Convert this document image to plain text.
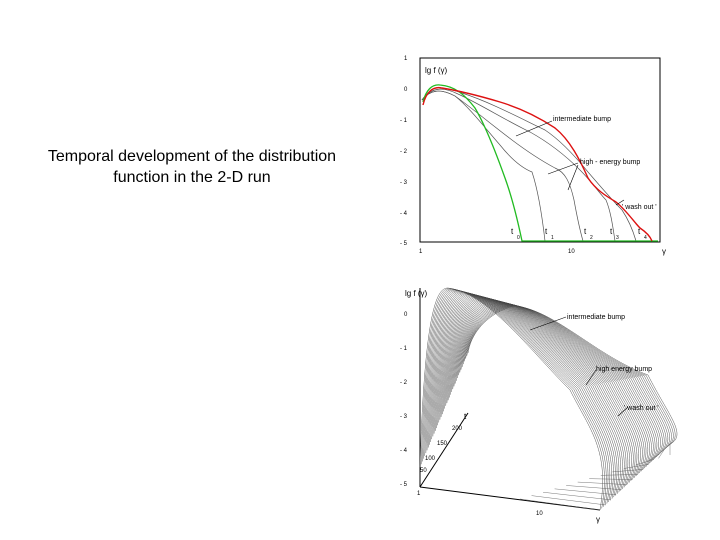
Temporal development of the distribution
function in the 2-D run
lg f (γ)
γ
1
0
- 1
- 2
- 3
- 4
- 5
1	10
intermediate bump
high - energy bump
' wash out '
t
0
t
1
t
2
t
3
t
4
lg f (γ)
γ
t
0
- 1
- 2
- 3
- 4
- 5
1
10
200
150
100
50
intermediate bump
high energy bump
' wash out '
